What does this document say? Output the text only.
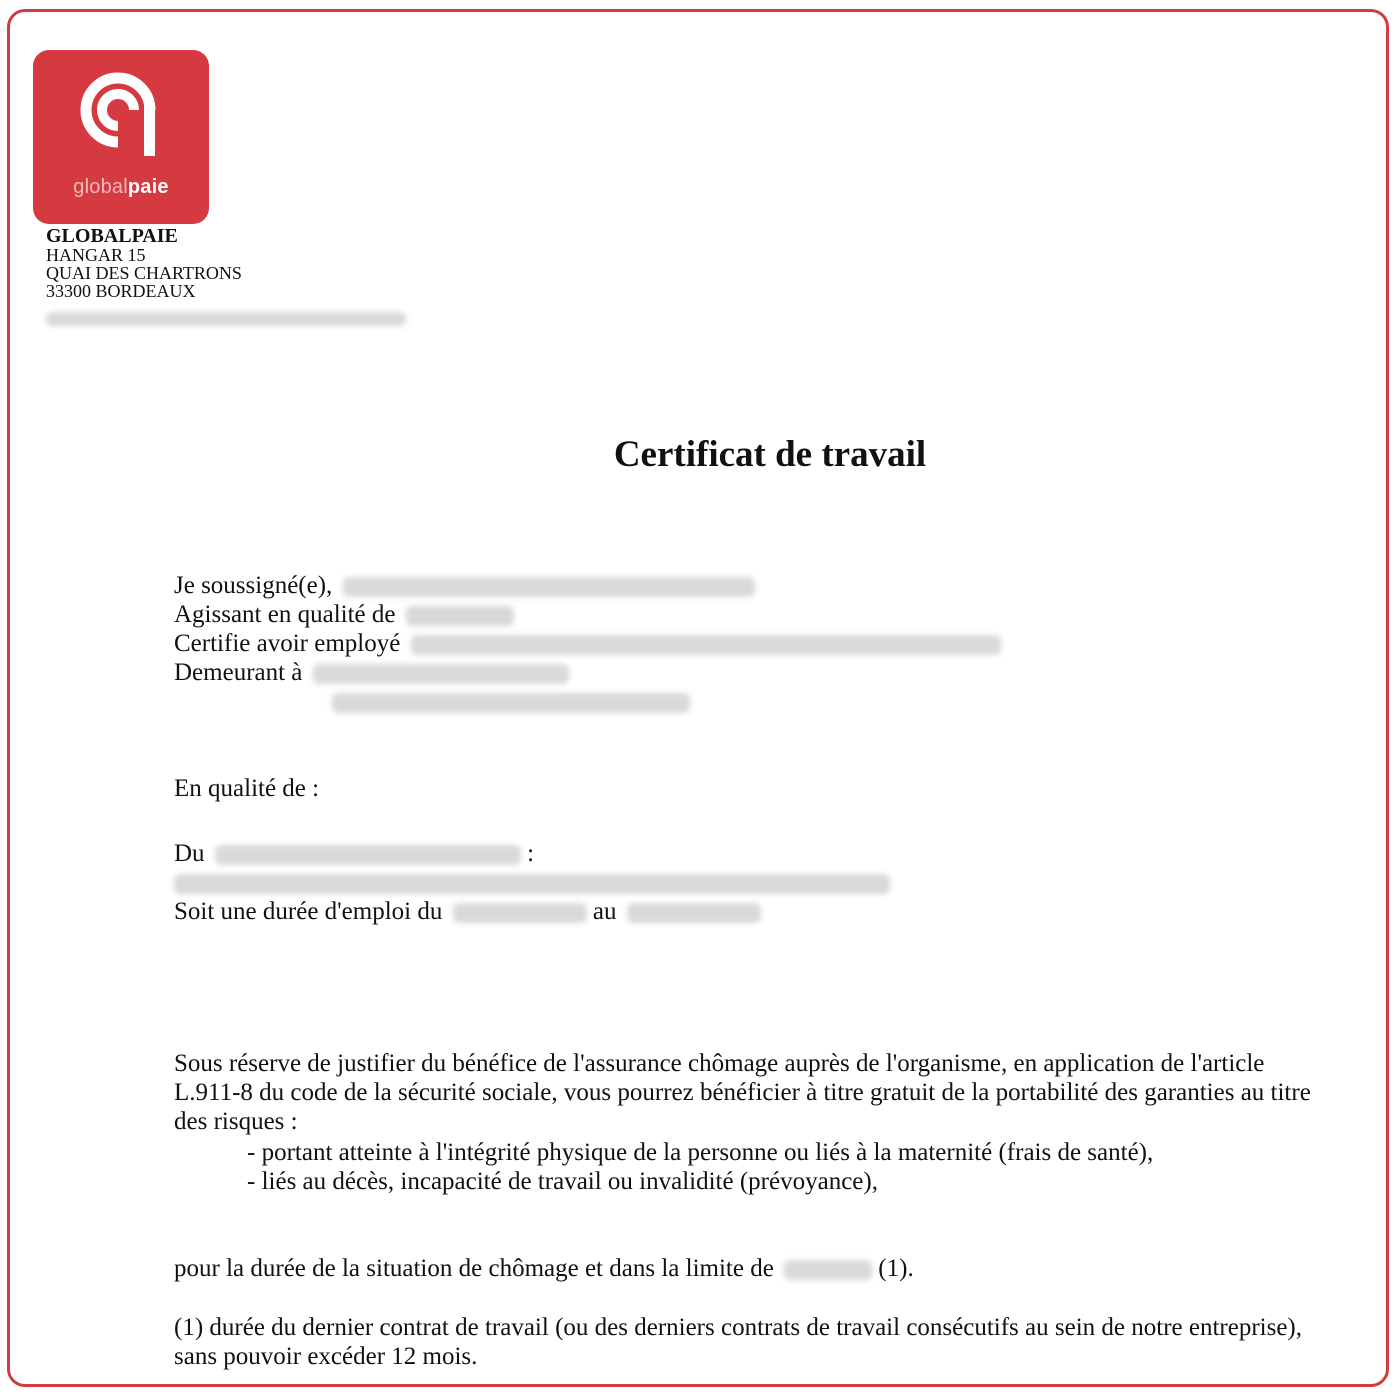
globalpaie
GLOBALPAIE
HANGAR 15
QUAI DES CHARTRONS
33300 BORDEAUX
Certificat de travail
Je soussigné(e),
Agissant en qualité de
Certifie avoir employé
Demeurant à
En qualité de :
Du	:
Soit une durée d'emploi du	au
Sous réserve de justifier du bénéfice de l'assurance chômage auprès de l'organisme, en application de l'article L.911-8 du code de la sécurité sociale, vous pourrez bénéficier à titre gratuit de la portabilité des garanties au titre des risques :
- portant atteinte à l'intégrité physique de la personne ou liés à la maternité (frais de santé),
- liés au décès, incapacité de travail ou invalidité (prévoyance),
pour la durée de la situation de chômage et dans la limite de	(1).
(1) durée du dernier contrat de travail (ou des derniers contrats de travail consécutifs au sein de notre entreprise), sans pouvoir excéder 12 mois.
